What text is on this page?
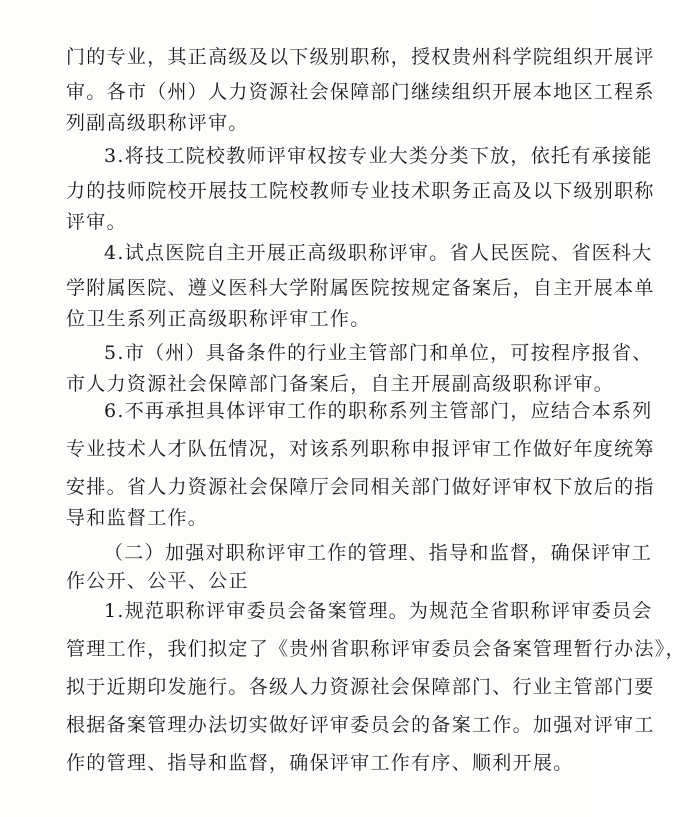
门的专业，其正高级及以下级别职称，授权贵州科学院组织开展评
审。各市（州）人力资源社会保障部门继续组织开展本地区工程系
列副高级职称评审。
3.将技工院校教师评审权按专业大类分类下放，依托有承接能
力的技师院校开展技工院校教师专业技术职务正高及以下级别职称
评审。
4.试点医院自主开展正高级职称评审。省人民医院、省医科大
学附属医院、遵义医科大学附属医院按规定备案后，自主开展本单
位卫生系列正高级职称评审工作。
5.市（州）具备条件的行业主管部门和单位，可按程序报省、
市人力资源社会保障部门备案后，自主开展副高级职称评审。
6.不再承担具体评审工作的职称系列主管部门，应结合本系列
专业技术人才队伍情况，对该系列职称申报评审工作做好年度统筹
安排。省人力资源社会保障厅会同相关部门做好评审权下放后的指
导和监督工作。
（二）加强对职称评审工作的管理、指导和监督，确保评审工
作公开、公平、公正
1.规范职称评审委员会备案管理。为规范全省职称评审委员会
管理工作，我们拟定了《贵州省职称评审委员会备案管理暂行办法》，
拟于近期印发施行。各级人力资源社会保障部门、行业主管部门要
根据备案管理办法切实做好评审委员会的备案工作。加强对评审工
作的管理、指导和监督，确保评审工作有序、顺利开展。
